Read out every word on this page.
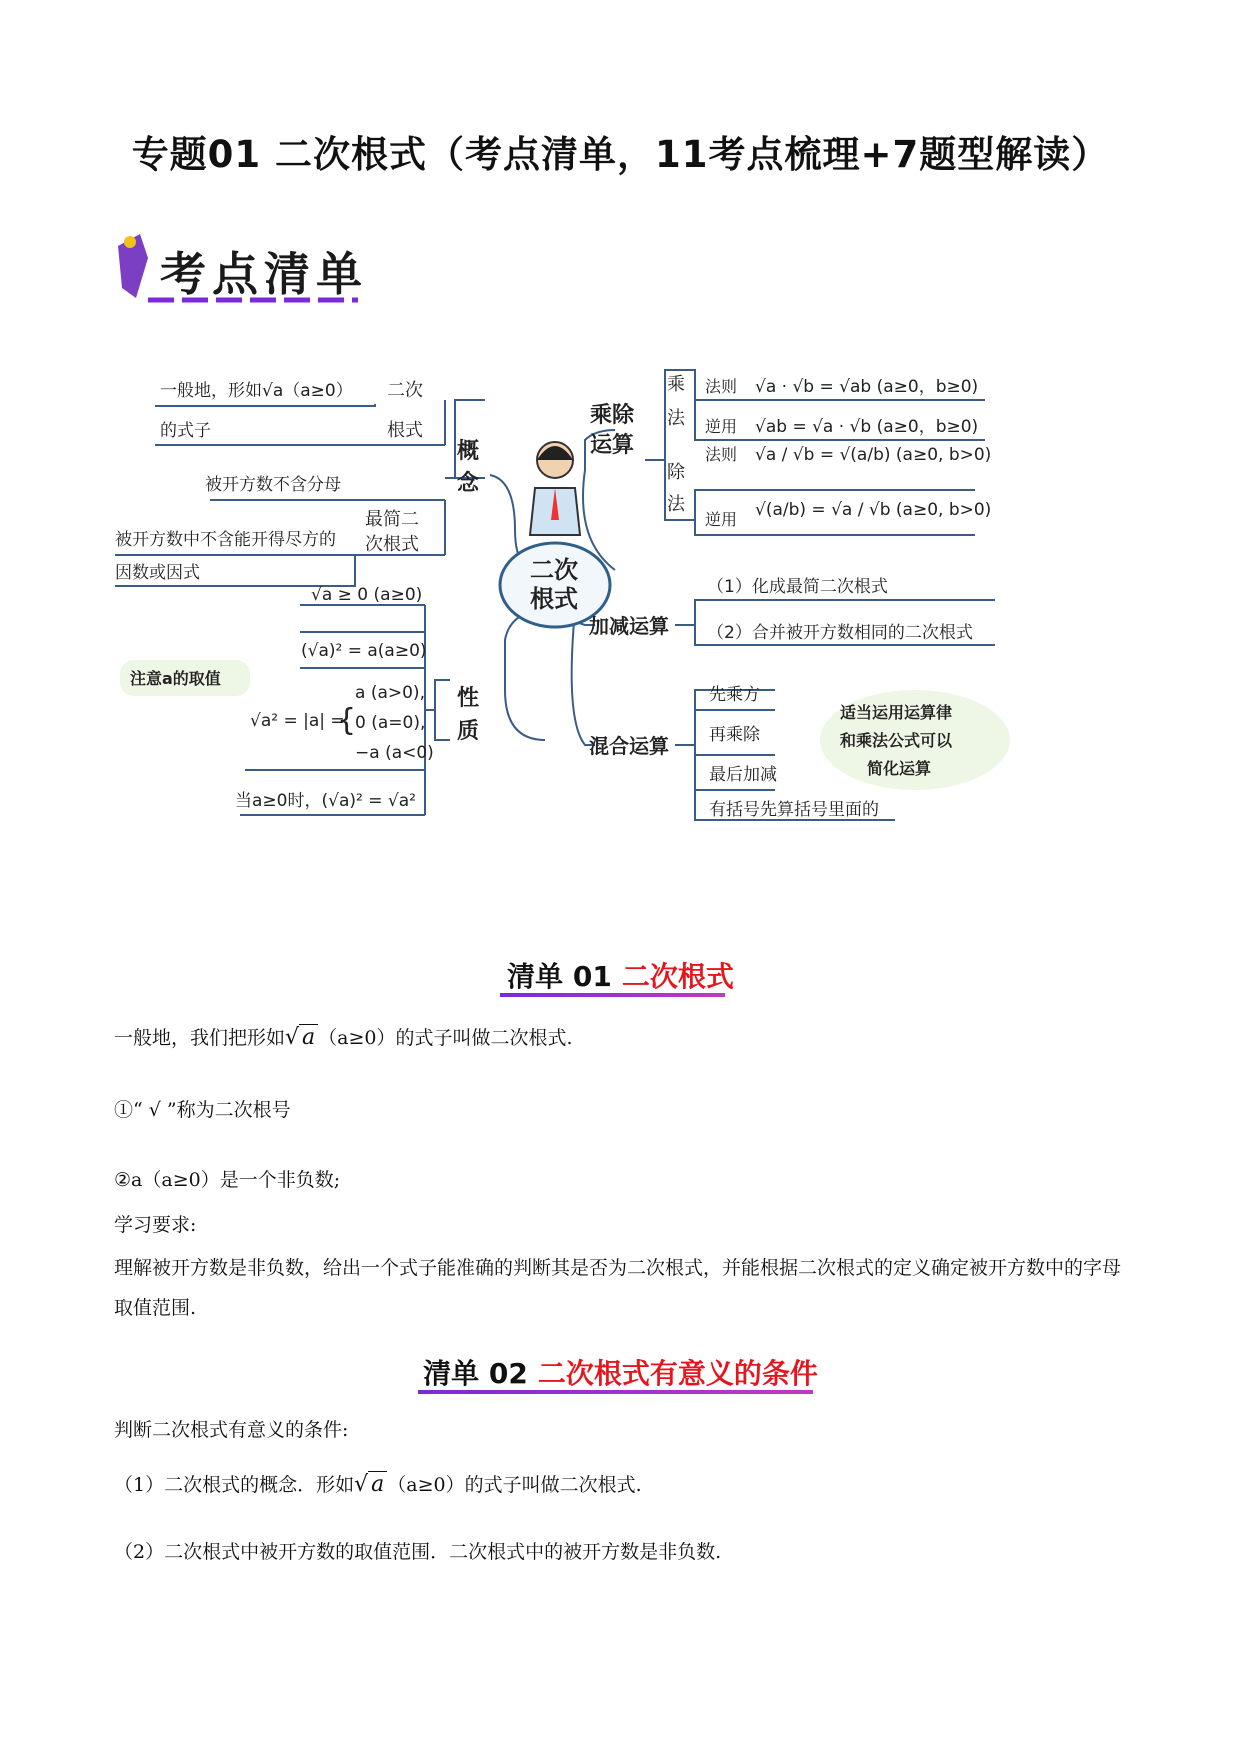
专题01 二次根式（考点清单，11考点梳理+7题型解读）
考点清单
二次
根式
一般地，形如√a（a≥0）
的式子
二次
根式
被开方数不含分母
最简二
次根式
被开方数中不含能开得尽方的
因数或因式
概
念
√a ≥ 0 (a≥0)
(√a)² = a(a≥0)
注意a的取值
√a² = |a| =
{
a (a>0),
0 (a=0),
−a (a<0)
当a≥0时，(√a)² = √a²
性
质
乘除
运算
乘
法
法则 √a · √b = √ab (a≥0，b≥0)
逆用 √ab = √a · √b (a≥0，b≥0)
除
法
法则 √a / √b = √(a/b) (a≥0, b>0)
逆用 √(a/b) = √a / √b (a≥0, b>0)
加减运算
（1）化成最简二次根式
（2）合并被开方数相同的二次根式
混合运算
先乘方
再乘除
最后加减
有括号先算括号里面的
适当运用运算律
和乘法公式可以
简化运算
清单 01 二次根式
一般地，我们把形如√ a （a≥0）的式子叫做二次根式.
①“ √ ”称为二次根号
②a（a≥0）是一个非负数;
学习要求:
理解被开方数是非负数，给出一个式子能准确的判断其是否为二次根式，并能根据二次根式的定义确定被开方数中的字母取值范围.
清单 02 二次根式有意义的条件
判断二次根式有意义的条件:
（1）二次根式的概念．形如√ a （a≥0）的式子叫做二次根式.
（2）二次根式中被开方数的取值范围．二次根式中的被开方数是非负数.
